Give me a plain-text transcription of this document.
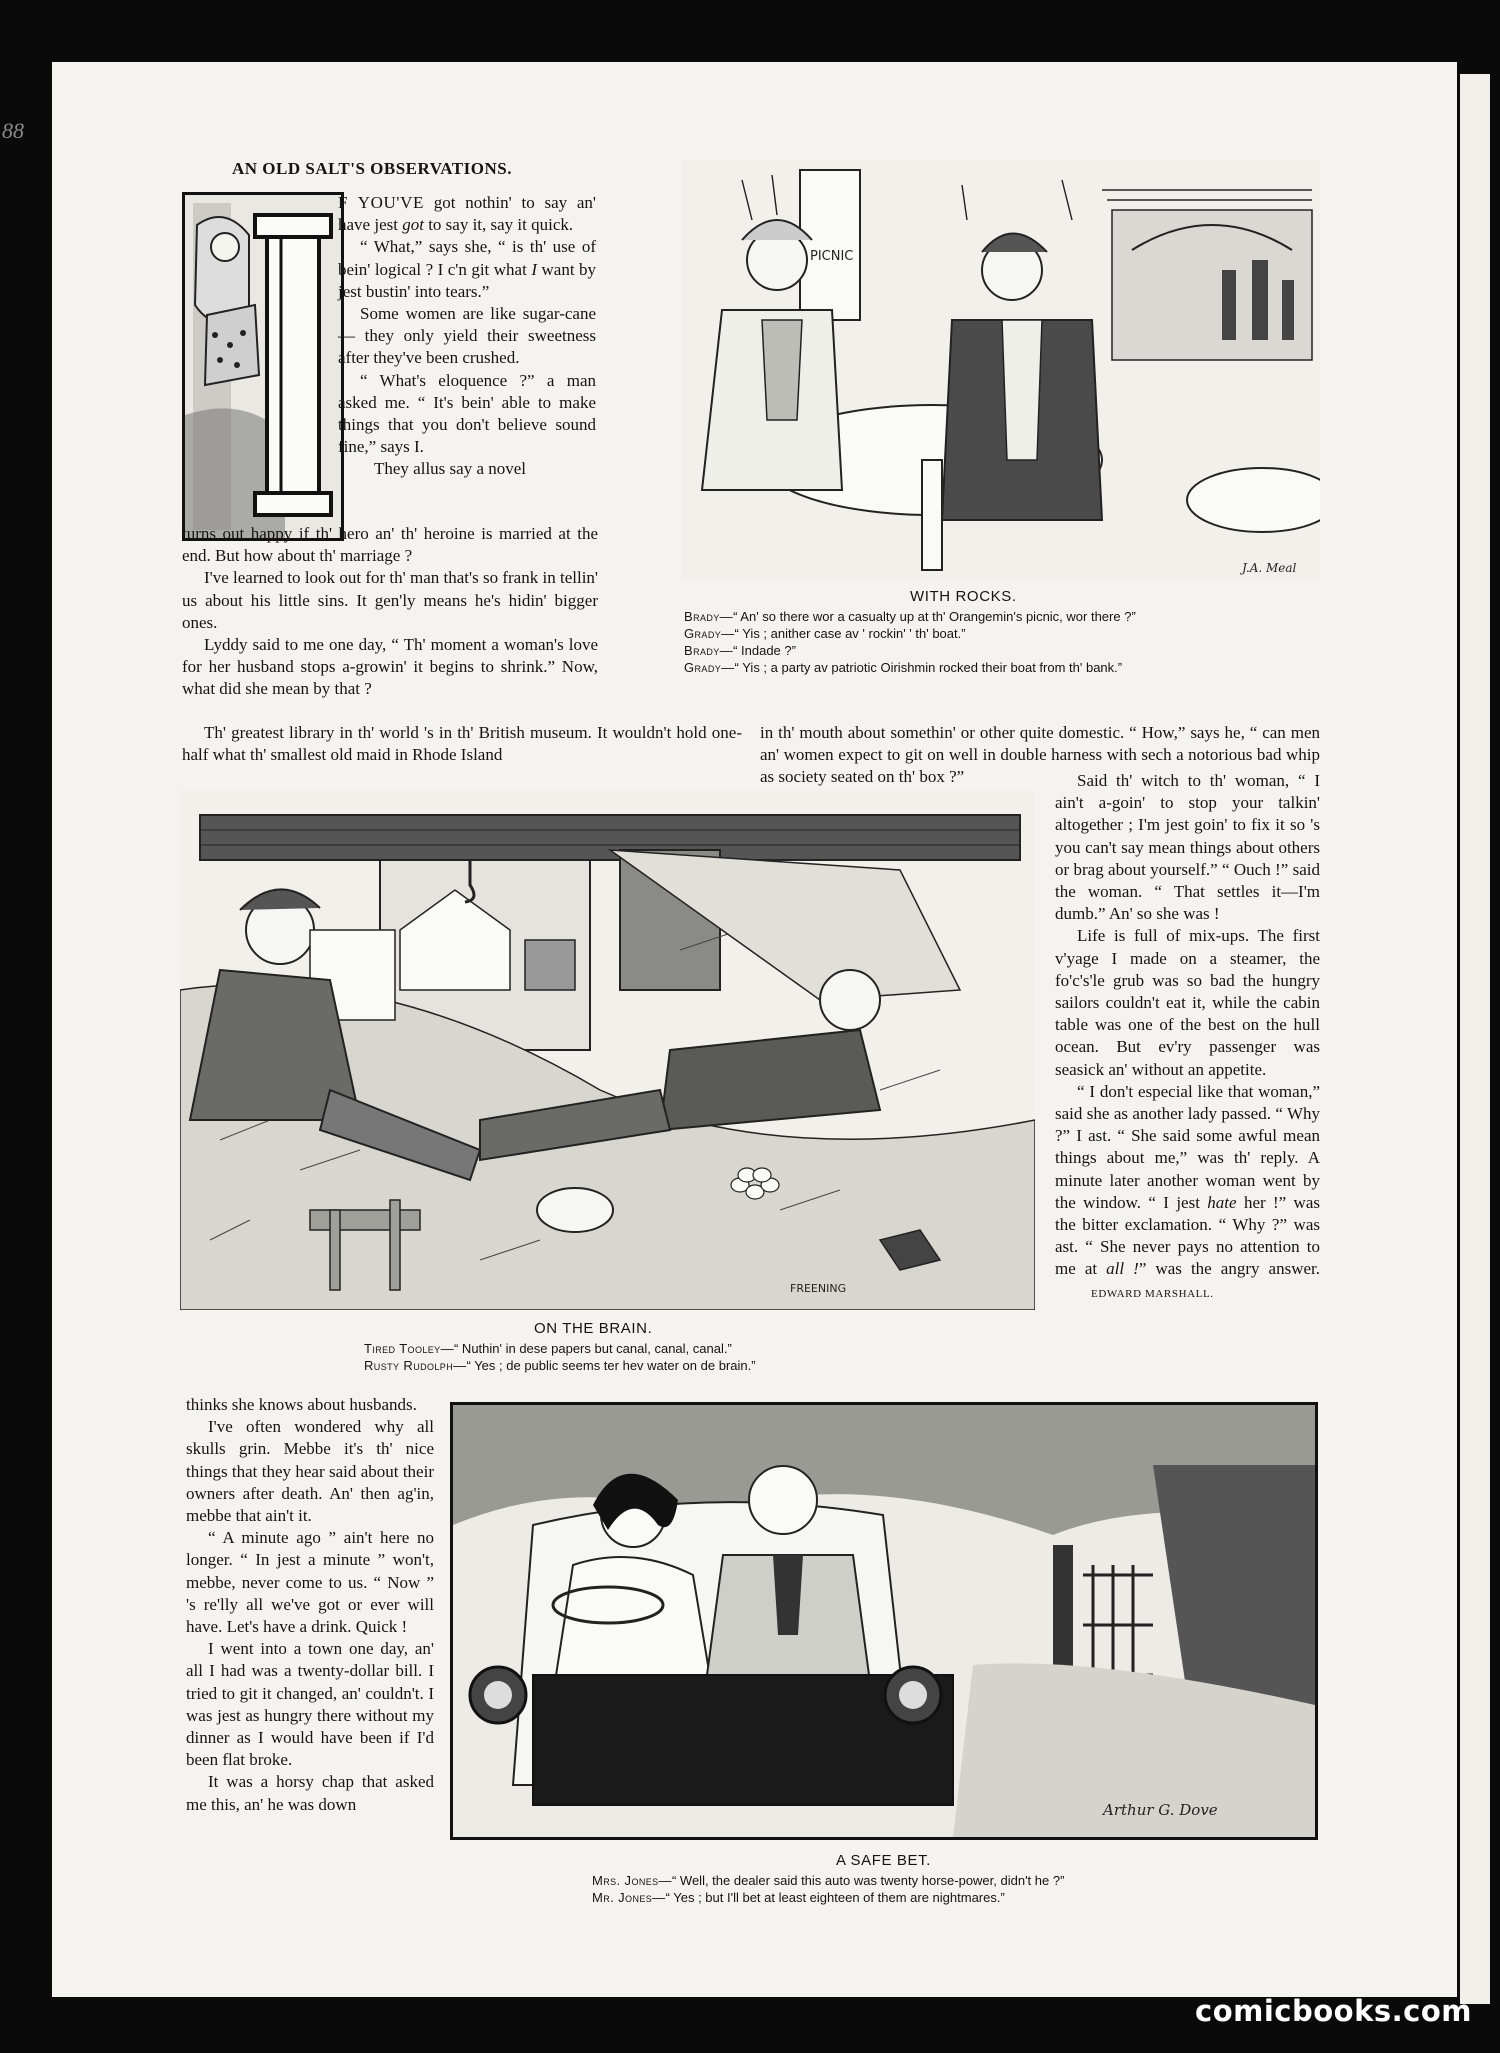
88
AN OLD SALT'S OBSERVATIONS.

F YOU'VE got nothin' to say an' have jest got to say it, say it quick.

“ What,” says she, “ is th' use of bein' logical ? I c'n git what I want by jest bustin' into tears.”

Some women are like sugar-cane — they only yield their sweetness after they've been crushed.

“ What's eloquence ?” a man asked me. “ It's bein' able to make things that you don't believe sound fine,” says I.

They allus say a novel

turns out happy if th' hero an' th' heroine is married at the end. But how about th' marriage ?

I've learned to look out for th' man that's so frank in tellin' us about his little sins. It gen'ly means he's hidin' bigger ones.

Lyddy said to me one day, “ Th' moment a woman's love for her husband stops a-growin' it begins to shrink.” Now, what did she mean by that ?

Th' greatest library in th' world 's in th' British museum. It wouldn't hold one-half what th' smallest old maid in Rhode Island

in th' mouth about somethin' or other quite domestic. “ How,” says he, “ can men an' women expect to git on well in double harness with sech a notorious bad whip as society seated on th' box ?”

PICNIC
J.A. Meal
WITH ROCKS.
Brady—“ An' so there wor a casualty up at th' Orangemin's picnic, wor there ?”
Grady—“ Yis ; anither case av ' rockin' ' th' boat.”
Brady—“ Indade ?”
Grady—“ Yis ; a party av patriotic Oirishmin rocked their boat from th' bank.”
FREENING
ON THE BRAIN.
Tired Tooley—“ Nuthin' in dese papers but canal, canal, canal.”
Rusty Rudolph—“ Yes ; de public seems ter hev water on de brain.”

Said th' witch to th' woman, “ I ain't a-goin' to stop your talkin' altogether ; I'm jest goin' to fix it so 's you can't say mean things about others or brag about yourself.” “ Ouch !” said the woman. “ That settles it—I'm dumb.” An' so she was !

Life is full of mix-ups. The first v'yage I made on a steamer, the fo'c's'le grub was so bad the hungry sailors couldn't eat it, while the cabin table was one of the best on the hull ocean. But ev'ry passenger was seasick an' without an appetite.

“ I don't especial like that woman,” said she as another lady passed. “ Why ?” I ast. “ She said some awful mean things about me,” was th' reply. A minute later another woman went by the window. “ I jest hate her !” was the bitter exclamation. “ Why ?” was ast. “ She never pays no attention to me at all !” was the angry answer. EDWARD MARSHALL.

thinks she knows about husbands.

I've often wondered why all skulls grin. Mebbe it's th' nice things that they hear said about their owners after death. An' then ag'in, mebbe that ain't it.

“ A minute ago ” ain't here no longer. “ In jest a minute ” won't, mebbe, never come to us. “ Now ” 's re'lly all we've got or ever will have. Let's have a drink. Quick !

I went into a town one day, an' all I had was a twenty-dollar bill. I tried to git it changed, an' couldn't. I was jest as hungry there without my dinner as I would have been if I'd been flat broke.

It was a horsy chap that asked me this, an' he was down	Arthur G. Dove
A SAFE BET.
Mrs. Jones—“ Well, the dealer said this auto was twenty horse-power, didn't he ?”
Mr. Jones—“ Yes ; but I'll bet at least eighteen of them are nightmares.”
comicbooks.com
